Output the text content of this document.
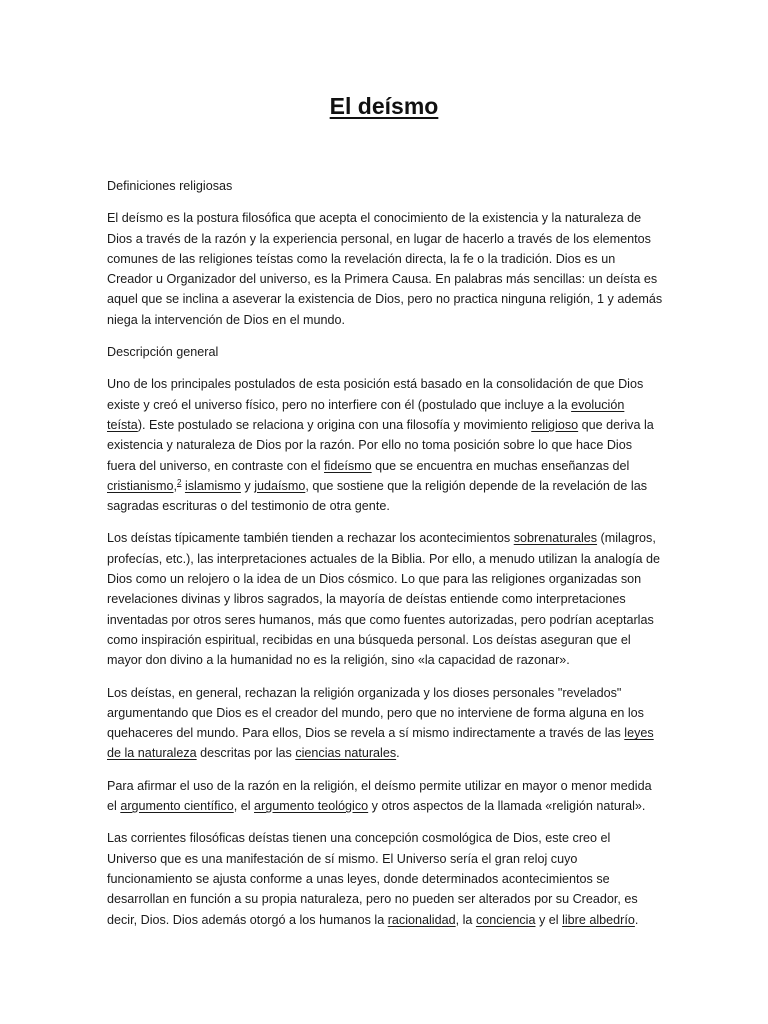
El deísmo

Definiciones religiosas

El deísmo es la postura filosófica que acepta el conocimiento de la existencia y la naturaleza de Dios a través de la razón y la experiencia personal, en lugar de hacerlo a través de los elementos comunes de las religiones teístas como la revelación directa, la fe o la tradición. Dios es un Creador u Organizador del universo, es la Primera Causa. En palabras más sencillas: un deísta es aquel que se inclina a aseverar la existencia de Dios, pero no practica ninguna religión, 1 y además niega la intervención de Dios en el mundo.

Descripción general

Uno de los principales postulados de esta posición está basado en la consolidación de que Dios existe y creó el universo físico, pero no interfiere con él (postulado que incluye a la evolución teísta). Este postulado se relaciona y origina con una filosofía y movimiento religioso que deriva la existencia y naturaleza de Dios por la razón. Por ello no toma posición sobre lo que hace Dios fuera del universo, en contraste con el fideísmo que se encuentra en muchas enseñanzas del cristianismo,$^2$ islamismo y judaísmo, que sostiene que la religión depende de la revelación de las sagradas escrituras o del testimonio de otra gente.

Los deístas típicamente también tienden a rechazar los acontecimientos sobrenaturales (milagros, profecías, etc.), las interpretaciones actuales de la Biblia. Por ello, a menudo utilizan la analogía de Dios como un relojero o la idea de un Dios cósmico. Lo que para las religiones organizadas son revelaciones divinas y libros sagrados, la mayoría de deístas entiende como interpretaciones inventadas por otros seres humanos, más que como fuentes autorizadas, pero podrían aceptarlas como inspiración espiritual, recibidas en una búsqueda personal. Los deístas aseguran que el mayor don divino a la humanidad no es la religión, sino «la capacidad de razonar».

Los deístas, en general, rechazan la religión organizada y los dioses personales "revelados" argumentando que Dios es el creador del mundo, pero que no interviene de forma alguna en los quehaceres del mundo. Para ellos, Dios se revela a sí mismo indirectamente a través de las leyes de la naturaleza descritas por las ciencias naturales.

Para afirmar el uso de la razón en la religión, el deísmo permite utilizar en mayor o menor medida el argumento científico, el argumento teológico y otros aspectos de la llamada «religión natural».

Las corrientes filosóficas deístas tienen una concepción cosmológica de Dios, este creo el Universo que es una manifestación de sí mismo. El Universo sería el gran reloj cuyo funcionamiento se ajusta conforme a unas leyes, donde determinados acontecimientos se desarrollan en función a su propia naturaleza, pero no pueden ser alterados por su Creador, es decir, Dios. Dios además otorgó a los humanos la racionalidad, la conciencia y el libre albedrío.
